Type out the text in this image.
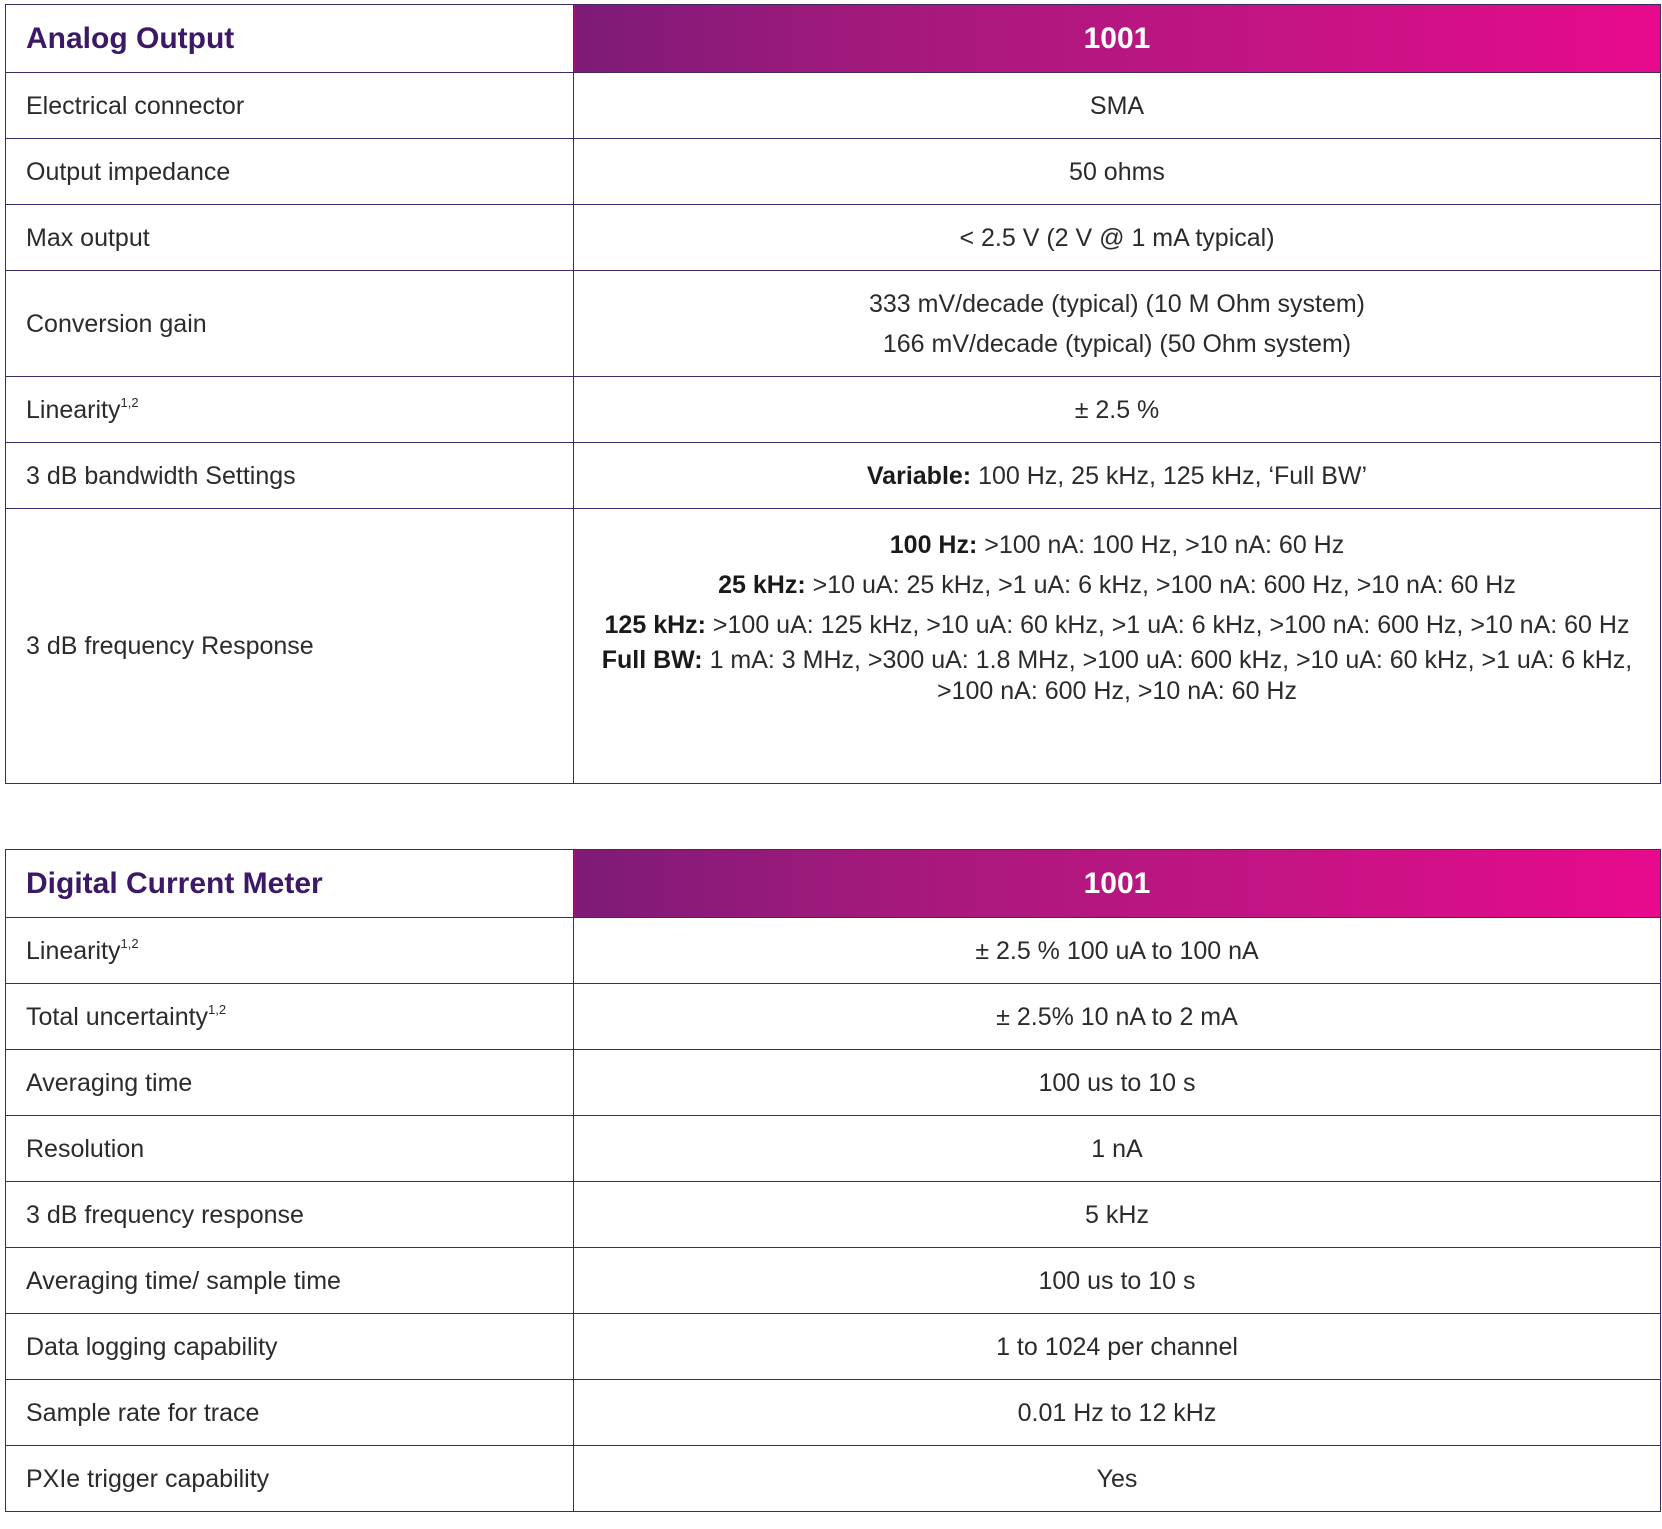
Analog Output	1001
Electrical connector	SMA
Output impedance	50 ohms
Max output	< 2.5 V (2 V @ 1 mA typical)
Conversion gain	333 mV/decade (typical) (10 M Ohm system)
166 mV/decade (typical) (50 Ohm system)

Linearity$^{1,2}$	± 2.5 %
3 dB bandwidth Settings	Variable: 100 Hz, 25 kHz, 125 kHz, ‘Full BW’
3 dB frequency Response	100 Hz: >100 nA: 100 Hz, >10 nA: 60 Hz
25 kHz: >10 uA: 25 kHz, >1 uA: 6 kHz, >100 nA: 600 Hz, >10 nA: 60 Hz
125 kHz: >100 uA: 125 kHz, >10 uA: 60 kHz, >1 uA: 6 kHz, >100 nA: 600 Hz, >10 nA: 60 Hz
Full BW: 1 mA: 3 MHz, >300 uA: 1.8 MHz, >100 uA: 600 kHz, >10 uA: 60 kHz, >1 uA: 6 kHz,
>100 nA: 600 Hz, >10 nA: 60 Hz
Digital Current Meter	1001
Linearity$^{1,2}$	± 2.5 % 100 uA to 100 nA
Total uncertainty$^{1,2}$	± 2.5% 10 nA to 2 mA
Averaging time	100 us to 10 s
Resolution	1 nA
3 dB frequency response	5 kHz
Averaging time/ sample time	100 us to 10 s
Data logging capability	1 to 1024 per channel
Sample rate for trace	0.01 Hz to 12 kHz
PXIe trigger capability	Yes
